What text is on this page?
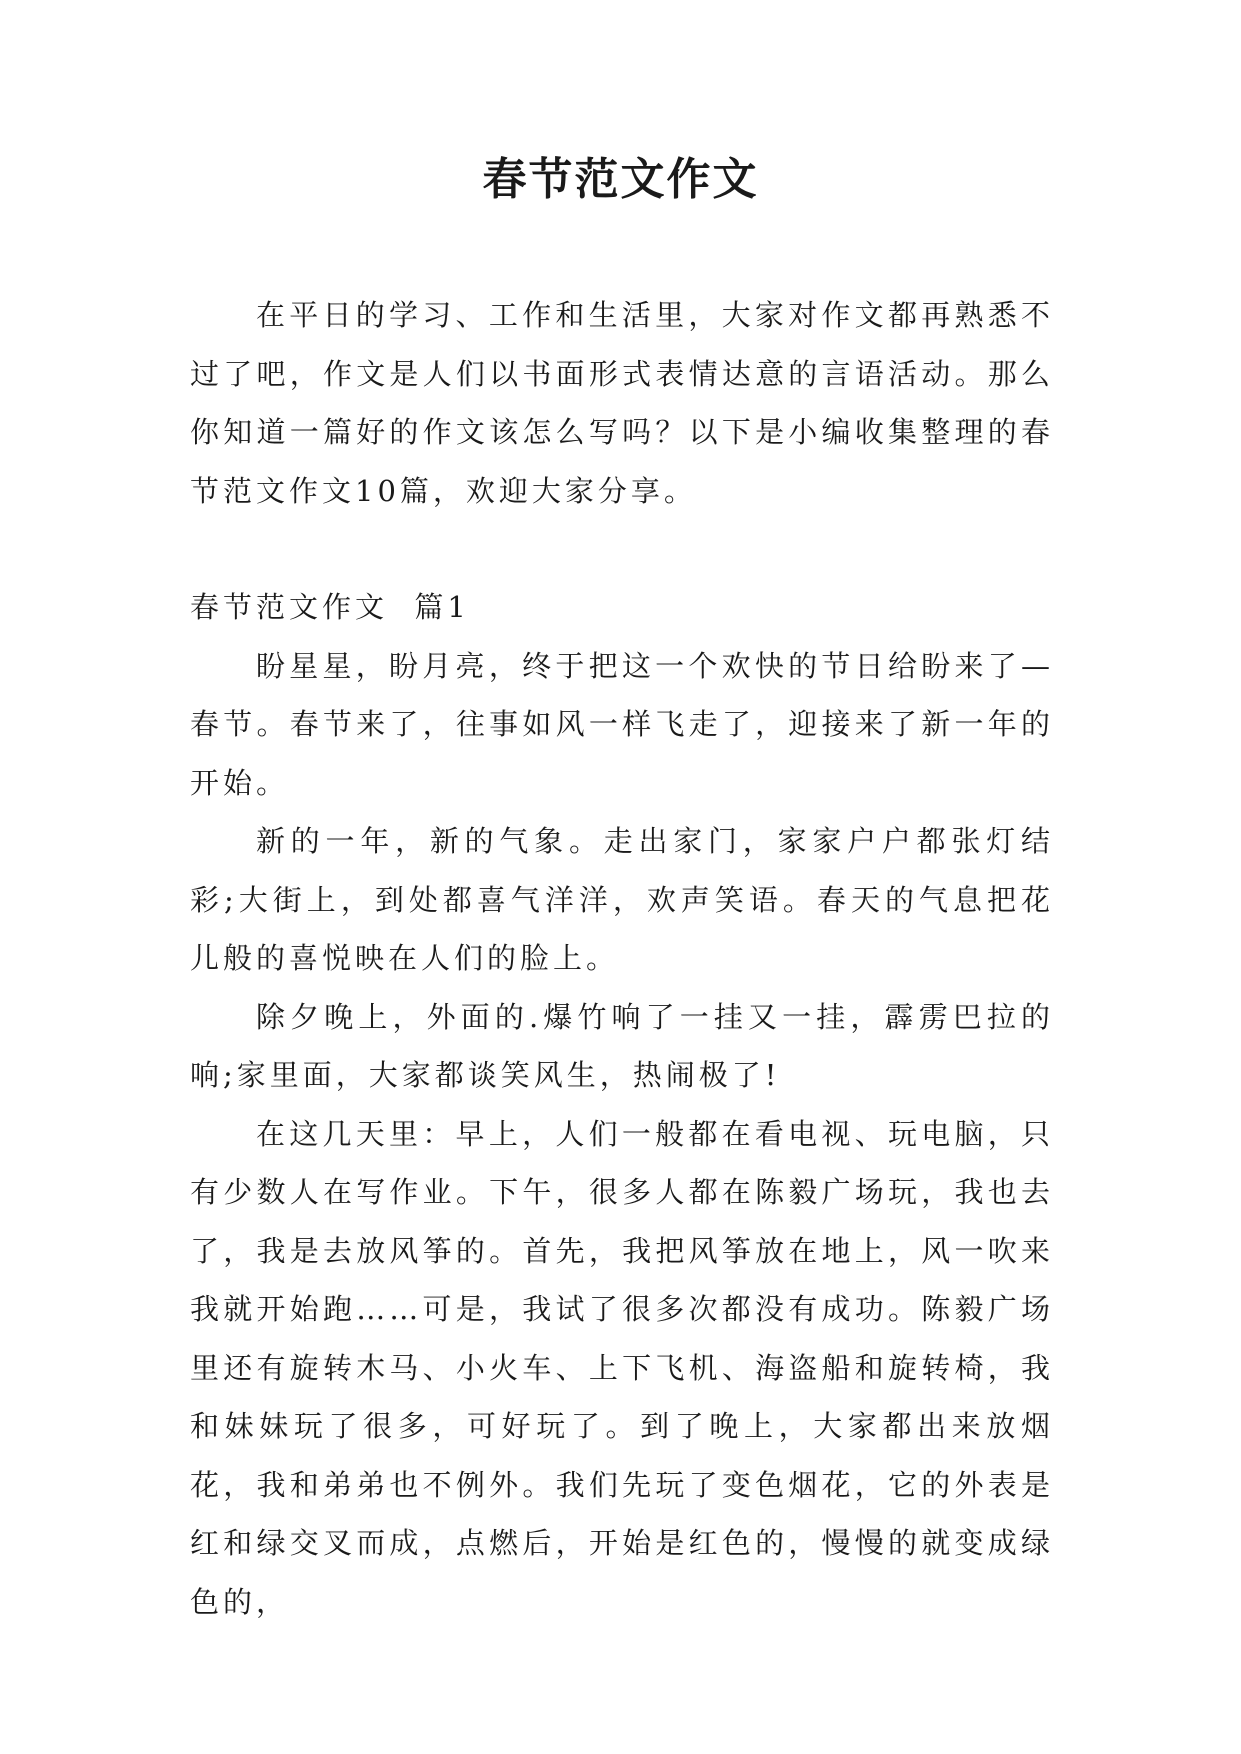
春节范文作文

在平日的学习、工作和生活里，大家对作文都再熟悉不过了吧，作文是人们以书面形式表情达意的言语活动。那么你知道一篇好的作文该怎么写吗？以下是小编收集整理的春节范文作文10篇，欢迎大家分享。

春节范文作文  篇1

盼星星，盼月亮，终于把这一个欢快的节日给盼来了—春节。春节来了，往事如风一样飞走了，迎接来了新一年的开始。

新的一年，新的气象。走出家门，家家户户都张灯结彩;大街上，到处都喜气洋洋，欢声笑语。春天的气息把花儿般的喜悦映在人们的脸上。

除夕晚上，外面的.爆竹响了一挂又一挂，霹雳巴拉的响;家里面，大家都谈笑风生，热闹极了!

在这几天里：早上，人们一般都在看电视、玩电脑，只有少数人在写作业。下午，很多人都在陈毅广场玩，我也去了，我是去放风筝的。首先，我把风筝放在地上，风一吹来我就开始跑……可是，我试了很多次都没有成功。陈毅广场里还有旋转木马、小火车、上下飞机、海盗船和旋转椅，我和妹妹玩了很多，可好玩了。到了晚上，大家都出来放烟花，我和弟弟也不例外。我们先玩了变色烟花，它的外表是红和绿交叉而成，点燃后，开始是红色的，慢慢的就变成绿色的，
